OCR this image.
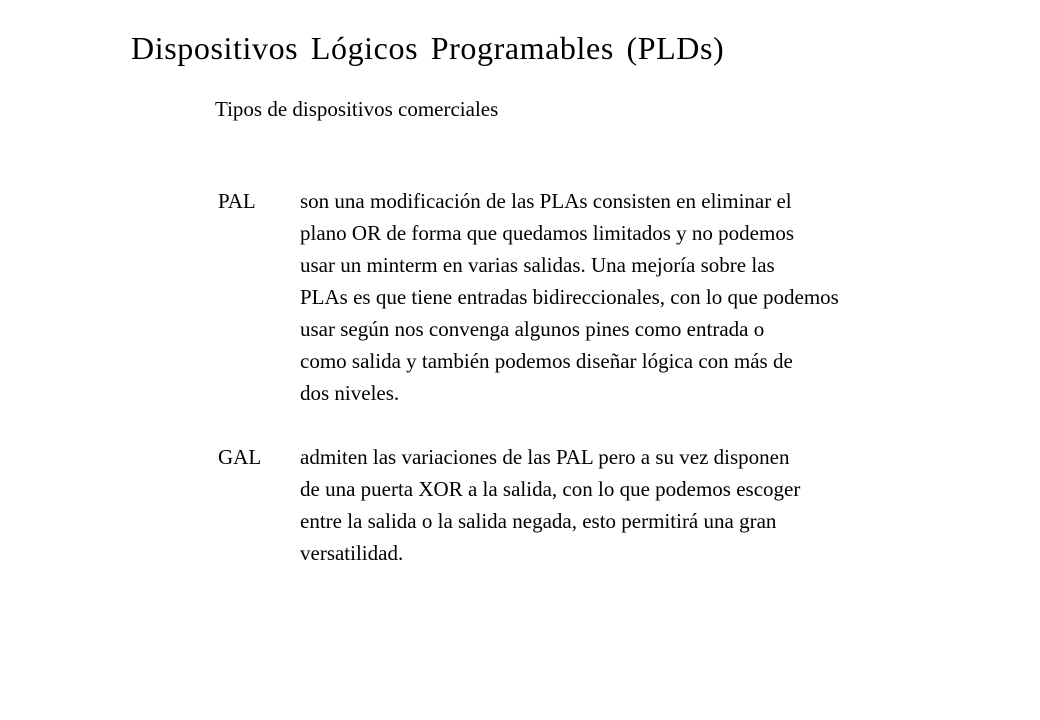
Dispositivos Lógicos Programables (PLDs)
Tipos de dispositivos comerciales
PAL son una modificación de las PLAs consisten en eliminar el
plano OR de forma que quedamos limitados y no podemos
usar un minterm en varias salidas. Una mejoría sobre las
PLAs es que tiene entradas bidireccionales, con lo que podemos
usar según nos convenga algunos pines como entrada o
como salida y también podemos diseñar lógica con más de
dos niveles.
GAL admiten las variaciones de las PAL pero a su vez disponen
de una puerta XOR a la salida, con lo que podemos escoger
entre la salida o la salida negada, esto permitirá una gran
versatilidad.
